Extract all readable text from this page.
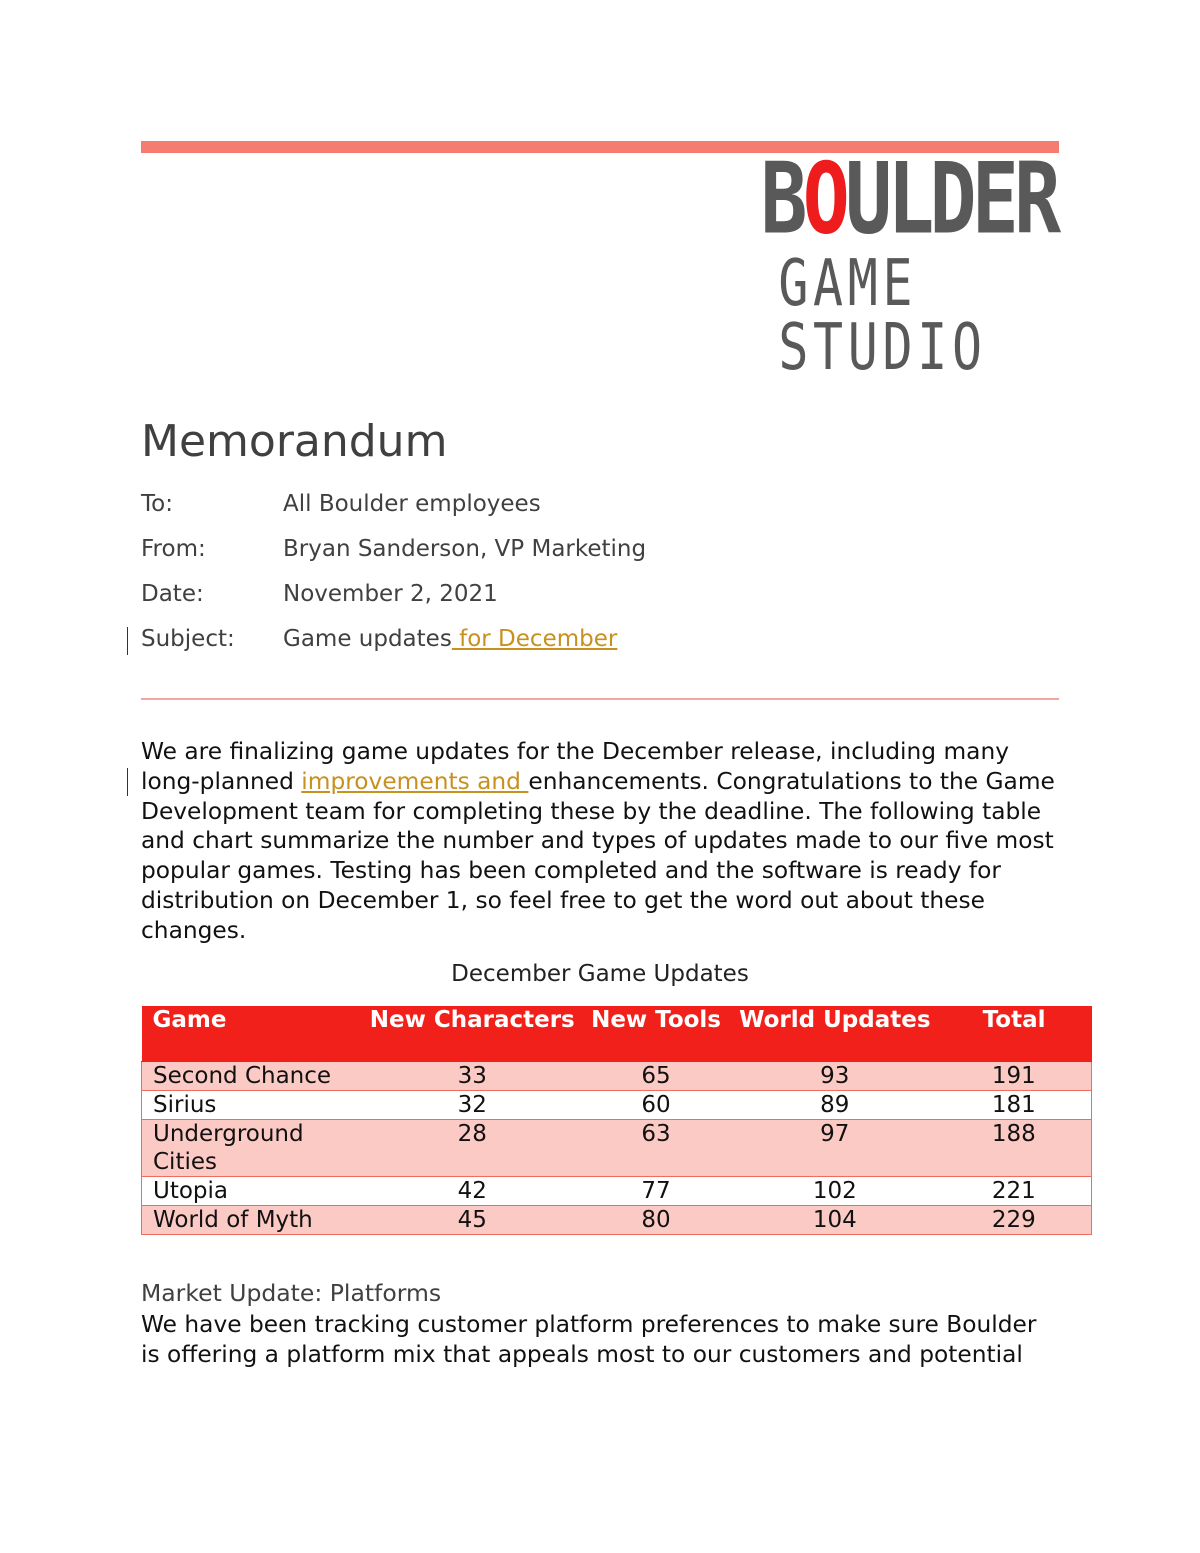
BOULDER
GAME STUDIO
Memorandum
To:	All Boulder employees
From:	Bryan Sanderson, VP Marketing
Date:	November 2, 2021
Subject: Game updates for December
We are finalizing game updates for the December release, including many long-planned improvements and enhancements. Congratulations to the Game Development team for completing these by the deadline. The following table and chart summarize the number and types of updates made to our five most popular games. Testing has been completed and the software is ready for distribution on December 1, so feel free to get the word out about these changes.
December Game Updates
Game	New Characters	New Tools	World Updates	Total
Second Chance	33	65	93	191
Sirius	32	60	89	181
Underground Cities	28	63	97	188
Utopia	42	77	102	221
World of Myth	45	80	104	229
Market Update: Platforms
We have been tracking customer platform preferences to make sure Boulder is offering a platform mix that appeals most to our customers and potential
